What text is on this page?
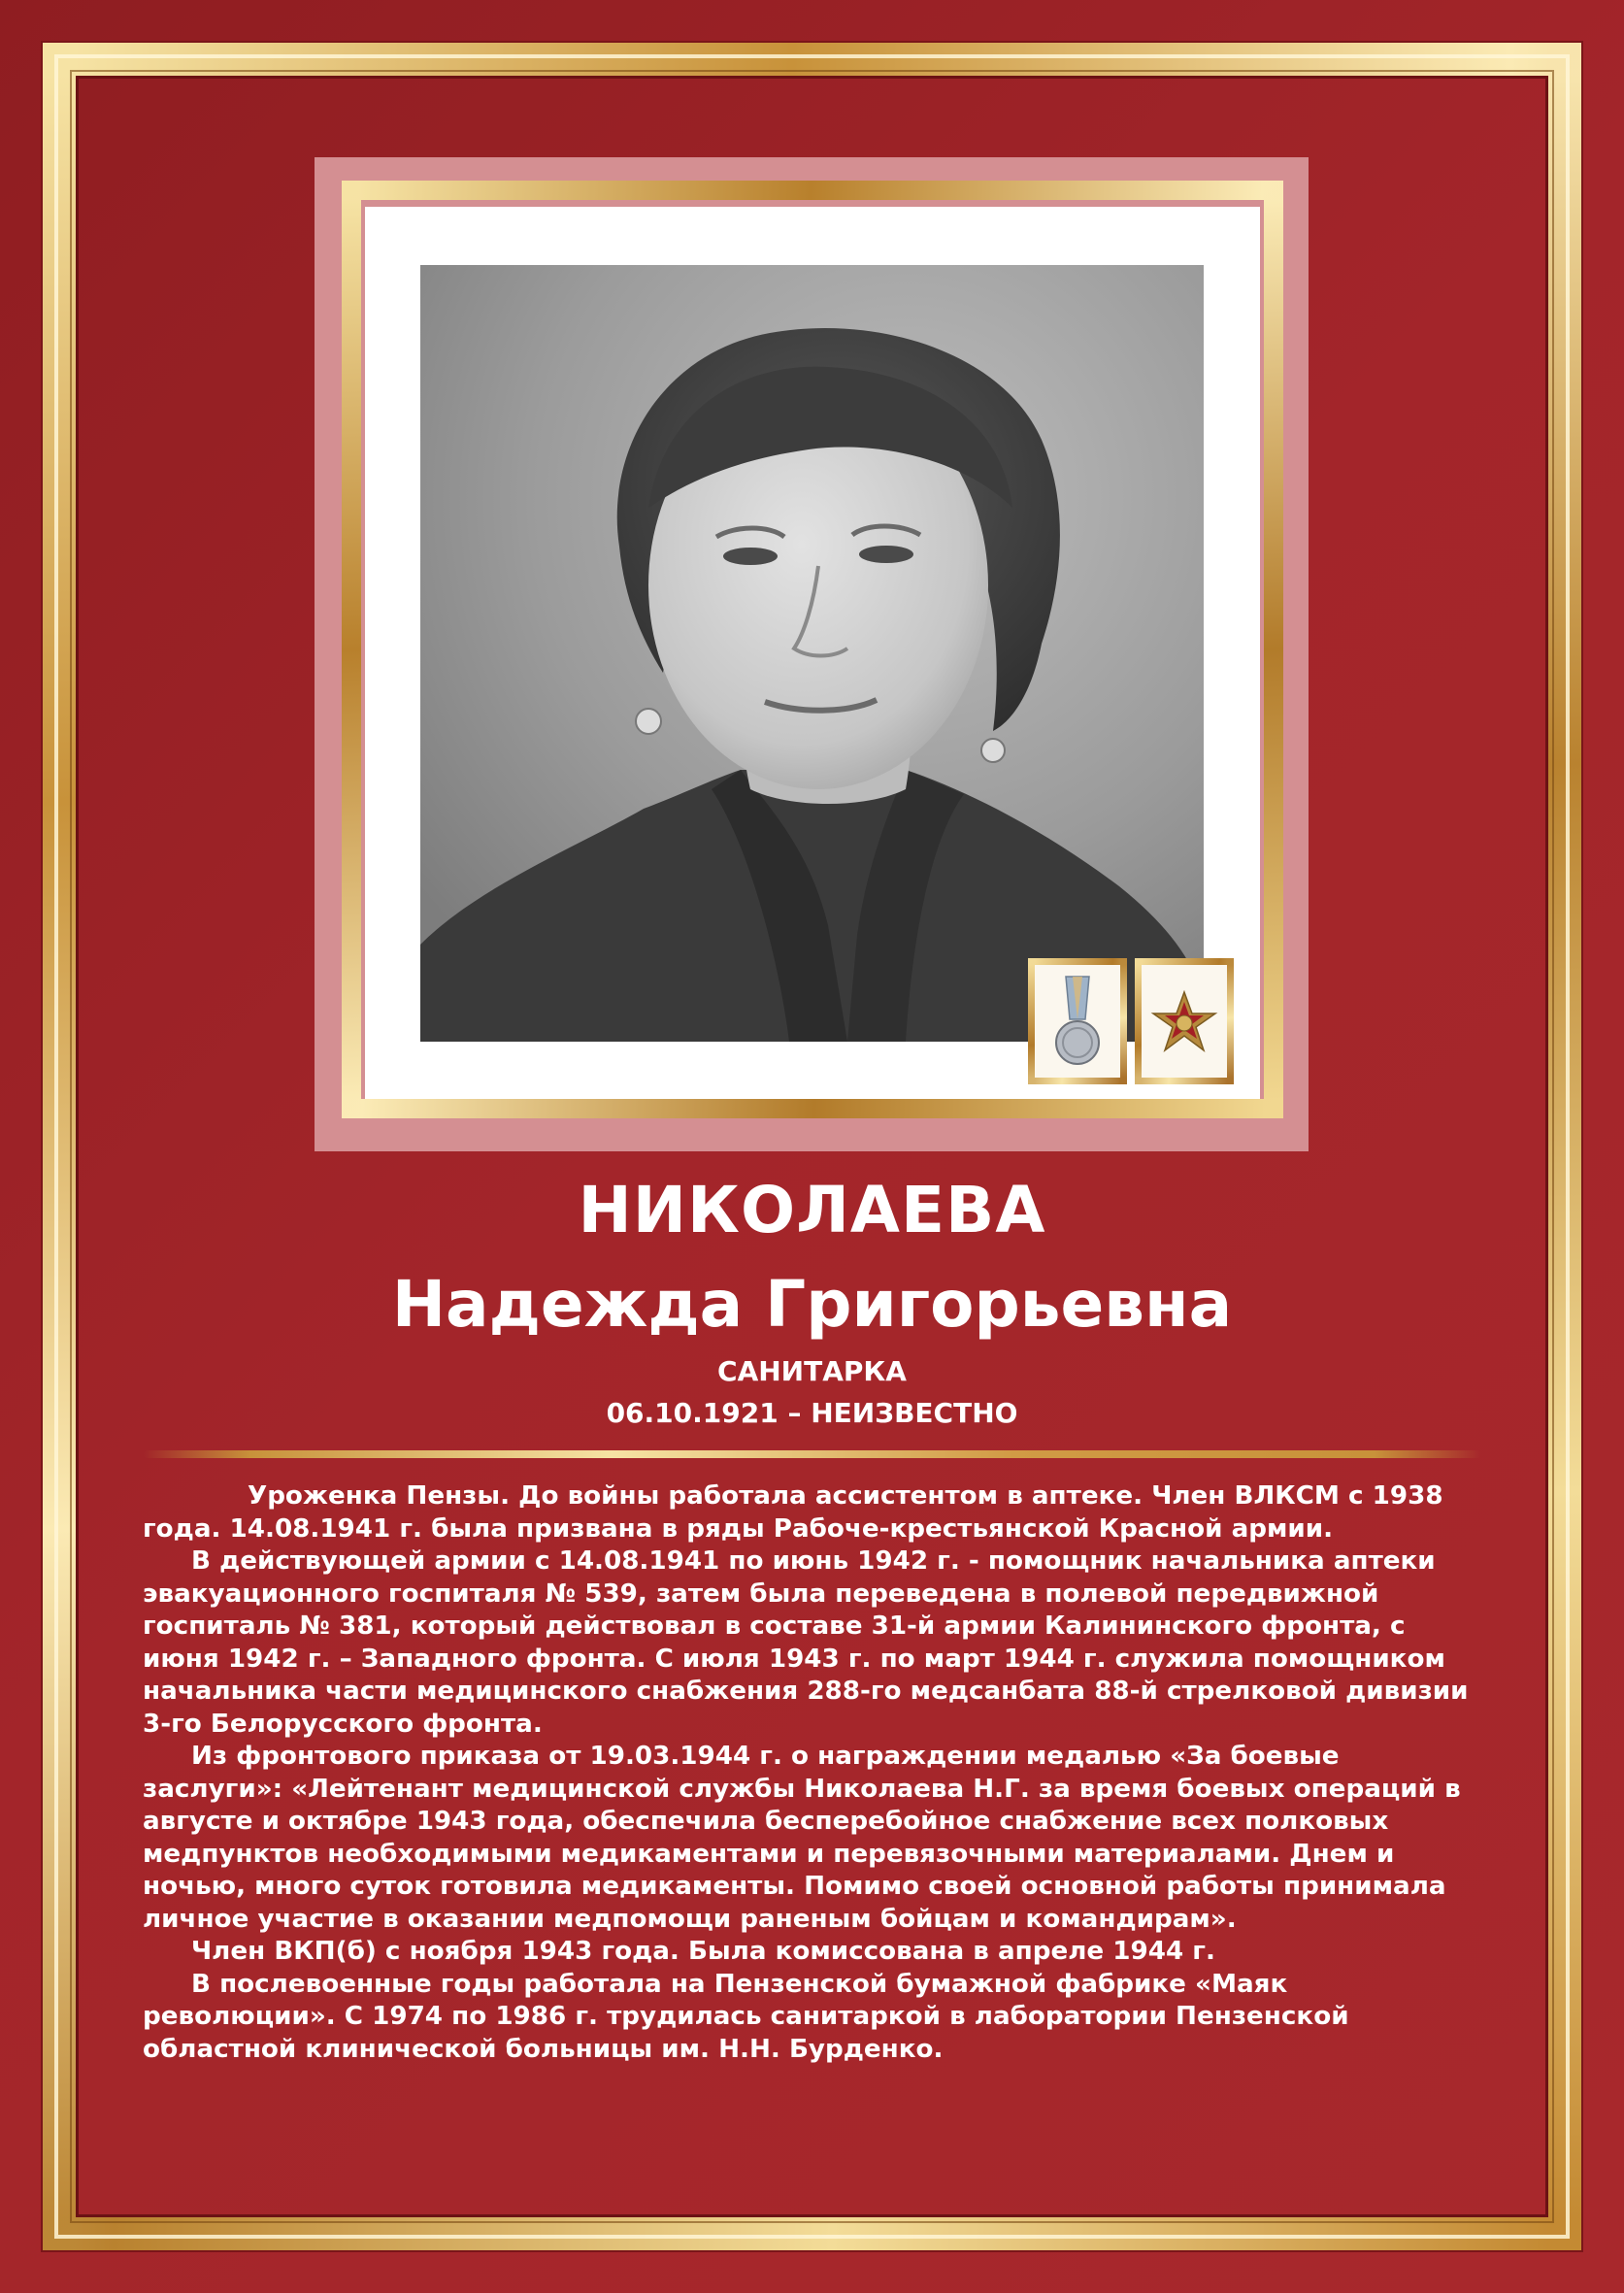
НИКОЛАЕВА
Надежда Григорьевна
САНИТАРКА
06.10.1921 – НЕИЗВЕСТНО

Уроженка Пензы. До войны работала ассистентом в аптеке. Член ВЛКСМ с 1938 года. 14.08.1941 г. была призвана в ряды Рабоче-крестьянской Красной армии.

В действующей армии с 14.08.1941 по июнь 1942 г. - помощник начальника аптеки эвакуационного госпиталя № 539, затем была переведена в полевой передвижной госпиталь № 381, который действовал в составе 31-й армии Калининского фронта, с июня 1942 г. – Западного фронта. С июля 1943 г. по март 1944 г. служила помощником начальника части медицинского снабжения 288-го медсанбата 88-й стрелковой дивизии 3-го Белорусского фронта.

Из фронтового приказа от 19.03.1944 г. о награждении медалью «За боевые заслуги»: «Лейтенант медицинской службы Николаева Н.Г. за время боевых операций в августе и октябре 1943 года, обеспечила бесперебойное снабжение всех полковых медпунктов необходимыми медикаментами и перевязочными материалами. Днем и ночью, много суток готовила медикаменты. Помимо своей основной работы принимала личное участие в оказании медпомощи раненым бойцам и командирам».

Член ВКП(б) с ноября 1943 года. Была комиссована в апреле 1944 г.

В послевоенные годы работала на Пензенской бумажной фабрике «Маяк революции». С 1974 по 1986 г. трудилась санитаркой в лаборатории Пензенской областной клинической больницы им. Н.Н. Бурденко.
